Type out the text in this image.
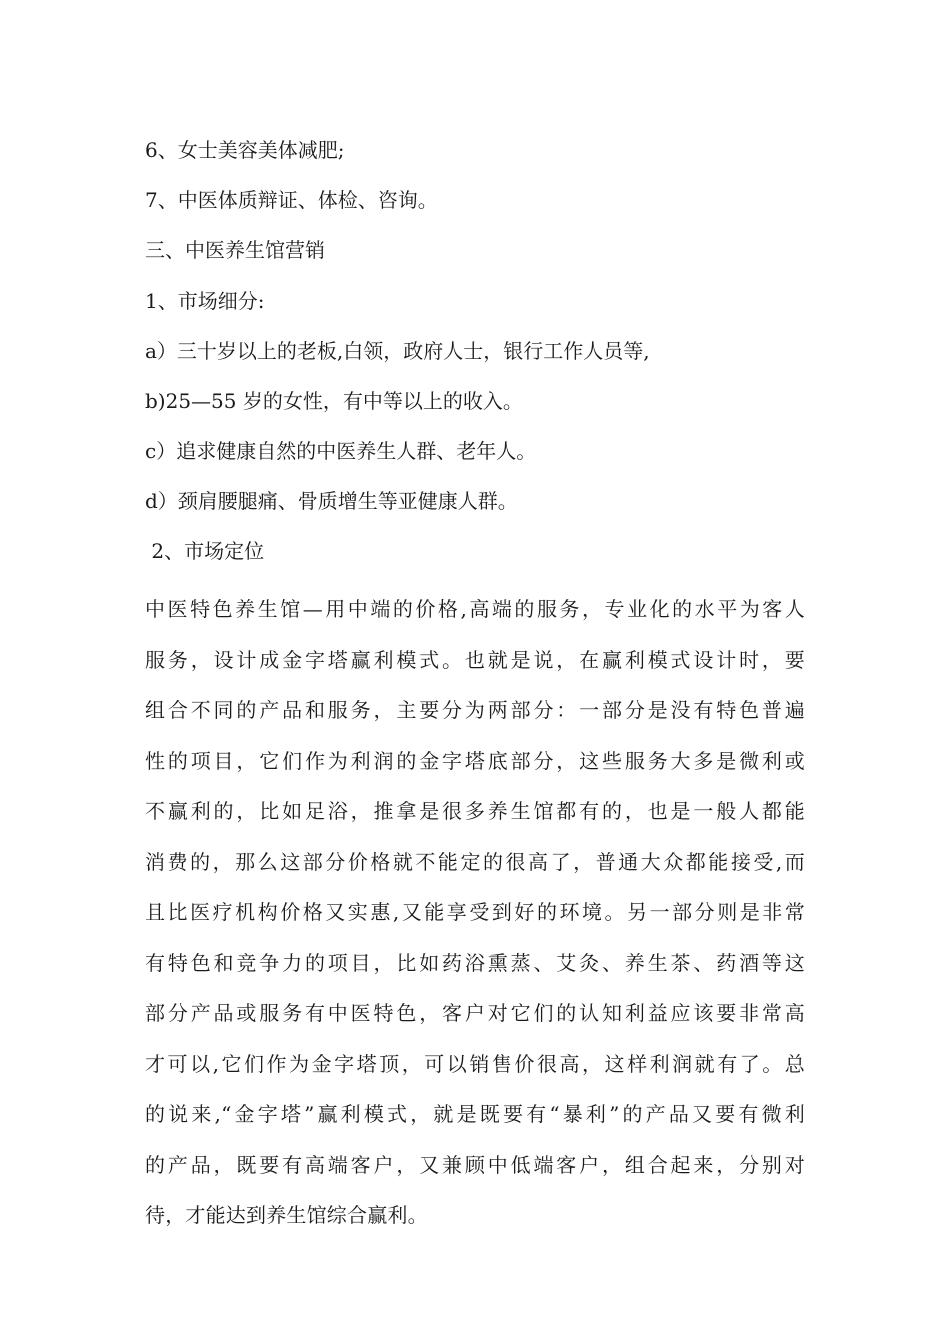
6、女士美容美体减肥;
7、中医体质辩证、体检、咨询。
三、中医养生馆营销
1、市场细分:
a）三十岁以上的老板,白领，政府人士，银行工作人员等,
b)25—55 岁的女性，有中等以上的收入。
c）追求健康自然的中医养生人群、老年人。
d）颈肩腰腿痛、骨质增生等亚健康人群。
2、市场定位
中医特色养生馆—用中端的价格,高端的服务，专业化的水平为客人
服务，设计成金字塔赢利模式。也就是说，在赢利模式设计时，要
组合不同的产品和服务，主要分为两部分：一部分是没有特色普遍
性的项目，它们作为利润的金字塔底部分，这些服务大多是微利或
不赢利的，比如足浴，推拿是很多养生馆都有的，也是一般人都能
消费的，那么这部分价格就不能定的很高了，普通大众都能接受,而
且比医疗机构价格又实惠,又能享受到好的环境。另一部分则是非常
有特色和竞争力的项目，比如药浴熏蒸、艾灸、养生茶、药酒等这
部分产品或服务有中医特色，客户对它们的认知利益应该要非常高
才可以,它们作为金字塔顶，可以销售价很高，这样利润就有了。总
的说来,“金字塔”赢利模式，就是既要有“暴利”的产品又要有微利
的产品，既要有高端客户，又兼顾中低端客户，组合起来，分别对
待，才能达到养生馆综合赢利。
